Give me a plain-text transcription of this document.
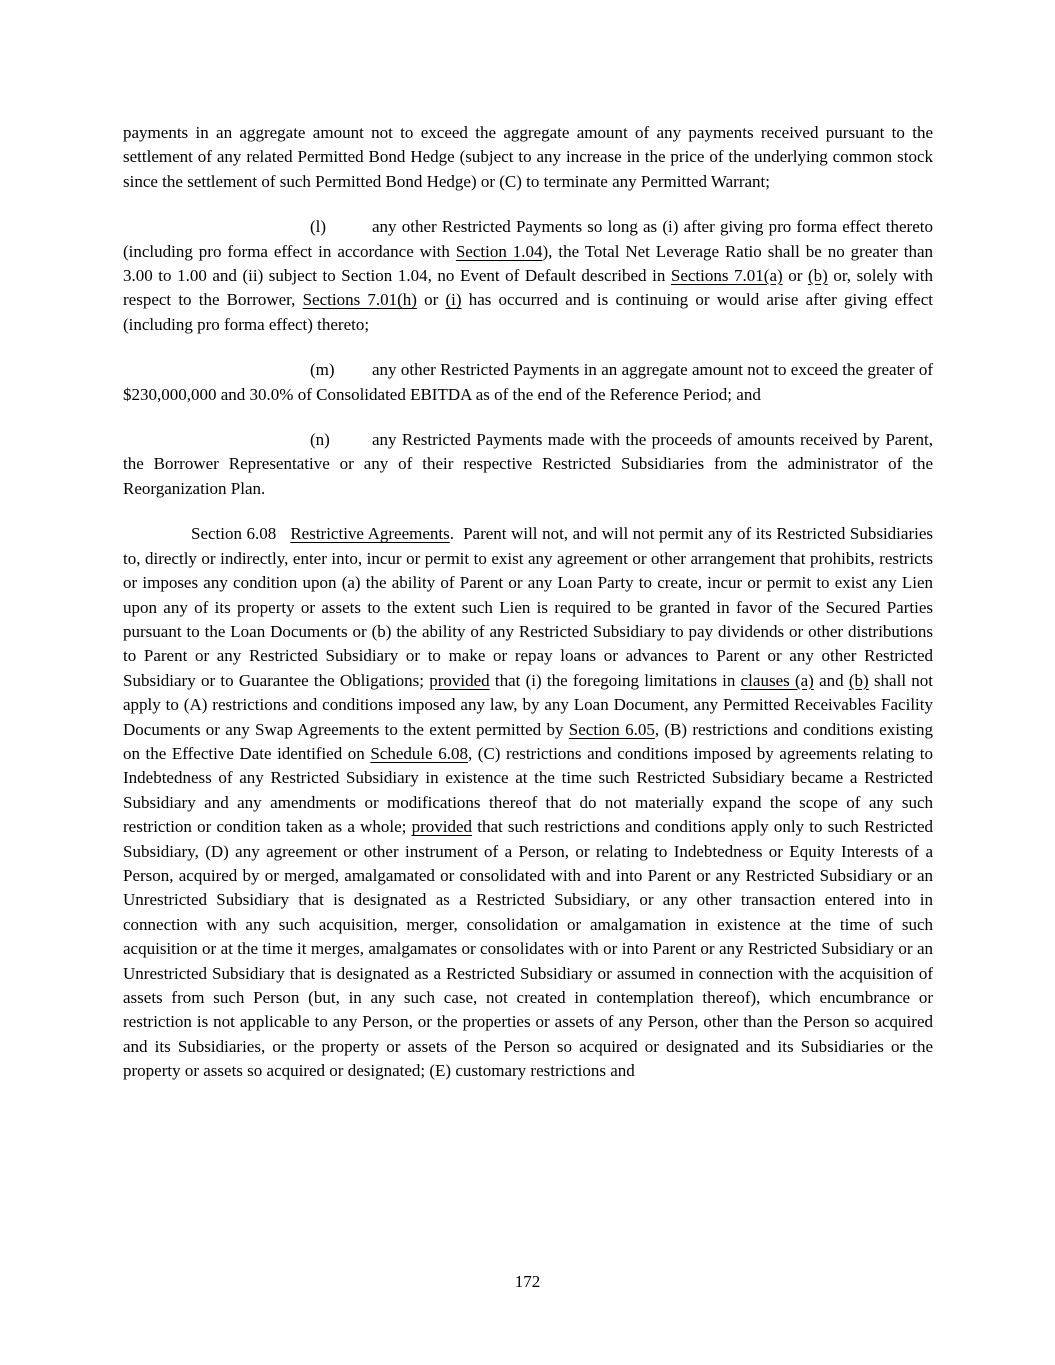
payments in an aggregate amount not to exceed the aggregate amount of any payments received pursuant to the settlement of any related Permitted Bond Hedge (subject to any increase in the price of the underlying common stock since the settlement of such Permitted Bond Hedge) or (C) to terminate any Permitted Warrant;

(l)	any other Restricted Payments so long as (i) after giving pro forma effect thereto (including pro forma effect in accordance with Section 1.04), the Total Net Leverage Ratio shall be no greater than 3.00 to 1.00 and (ii) subject to Section 1.04, no Event of Default described in Sections 7.01(a) or (b) or, solely with respect to the Borrower, Sections 7.01(h) or (i) has occurred and is continuing or would arise after giving effect (including pro forma effect) thereto;

(m) any other Restricted Payments in an aggregate amount not to exceed the greater of $230,000,000 and 30.0% of Consolidated EBITDA as of the end of the Reference Period; and

(n) any Restricted Payments made with the proceeds of amounts received by Parent, the Borrower Representative or any of their respective Restricted Subsidiaries from the administrator of the Reorganization Plan.

Section 6.08 Restrictive Agreements.  Parent will not, and will not permit any of its Restricted Subsidiaries to, directly or indirectly, enter into, incur or permit to exist any agreement or other arrangement that prohibits, restricts or imposes any condition upon (a) the ability of Parent or any Loan Party to create, incur or permit to exist any Lien upon any of its property or assets to the extent such Lien is required to be granted in favor of the Secured Parties pursuant to the Loan Documents or (b) the ability of any Restricted Subsidiary to pay dividends or other distributions to Parent or any Restricted Subsidiary or to make or repay loans or advances to Parent or any other Restricted Subsidiary or to Guarantee the Obligations; provided that (i) the foregoing limitations in clauses (a) and (b) shall not apply to (A) restrictions and conditions imposed any law, by any Loan Document, any Permitted Receivables Facility Documents or any Swap Agreements to the extent permitted by Section 6.05, (B) restrictions and conditions existing on the Effective Date identified on Schedule 6.08, (C) restrictions and conditions imposed by agreements relating to Indebtedness of any Restricted Subsidiary in existence at the time such Restricted Subsidiary became a Restricted Subsidiary and any amendments or modifications thereof that do not materially expand the scope of any such restriction or condition taken as a whole; provided that such restrictions and conditions apply only to such Restricted Subsidiary, (D) any agreement or other instrument of a Person, or relating to Indebtedness or Equity Interests of a Person, acquired by or merged, amalgamated or consolidated with and into Parent or any Restricted Subsidiary or an Unrestricted Subsidiary that is designated as a Restricted Subsidiary, or any other transaction entered into in connection with any such acquisition, merger, consolidation or amalgamation in existence at the time of such acquisition or at the time it merges, amalgamates or consolidates with or into Parent or any Restricted Subsidiary or an Unrestricted Subsidiary that is designated as a Restricted Subsidiary or assumed in connection with the acquisition of assets from such Person (but, in any such case, not created in contemplation thereof), which encumbrance or restriction is not applicable to any Person, or the properties or assets of any Person, other than the Person so acquired and its Subsidiaries, or the property or assets of the Person so acquired or designated and its Subsidiaries or the property or assets so acquired or designated; (E) customary restrictions and

172
